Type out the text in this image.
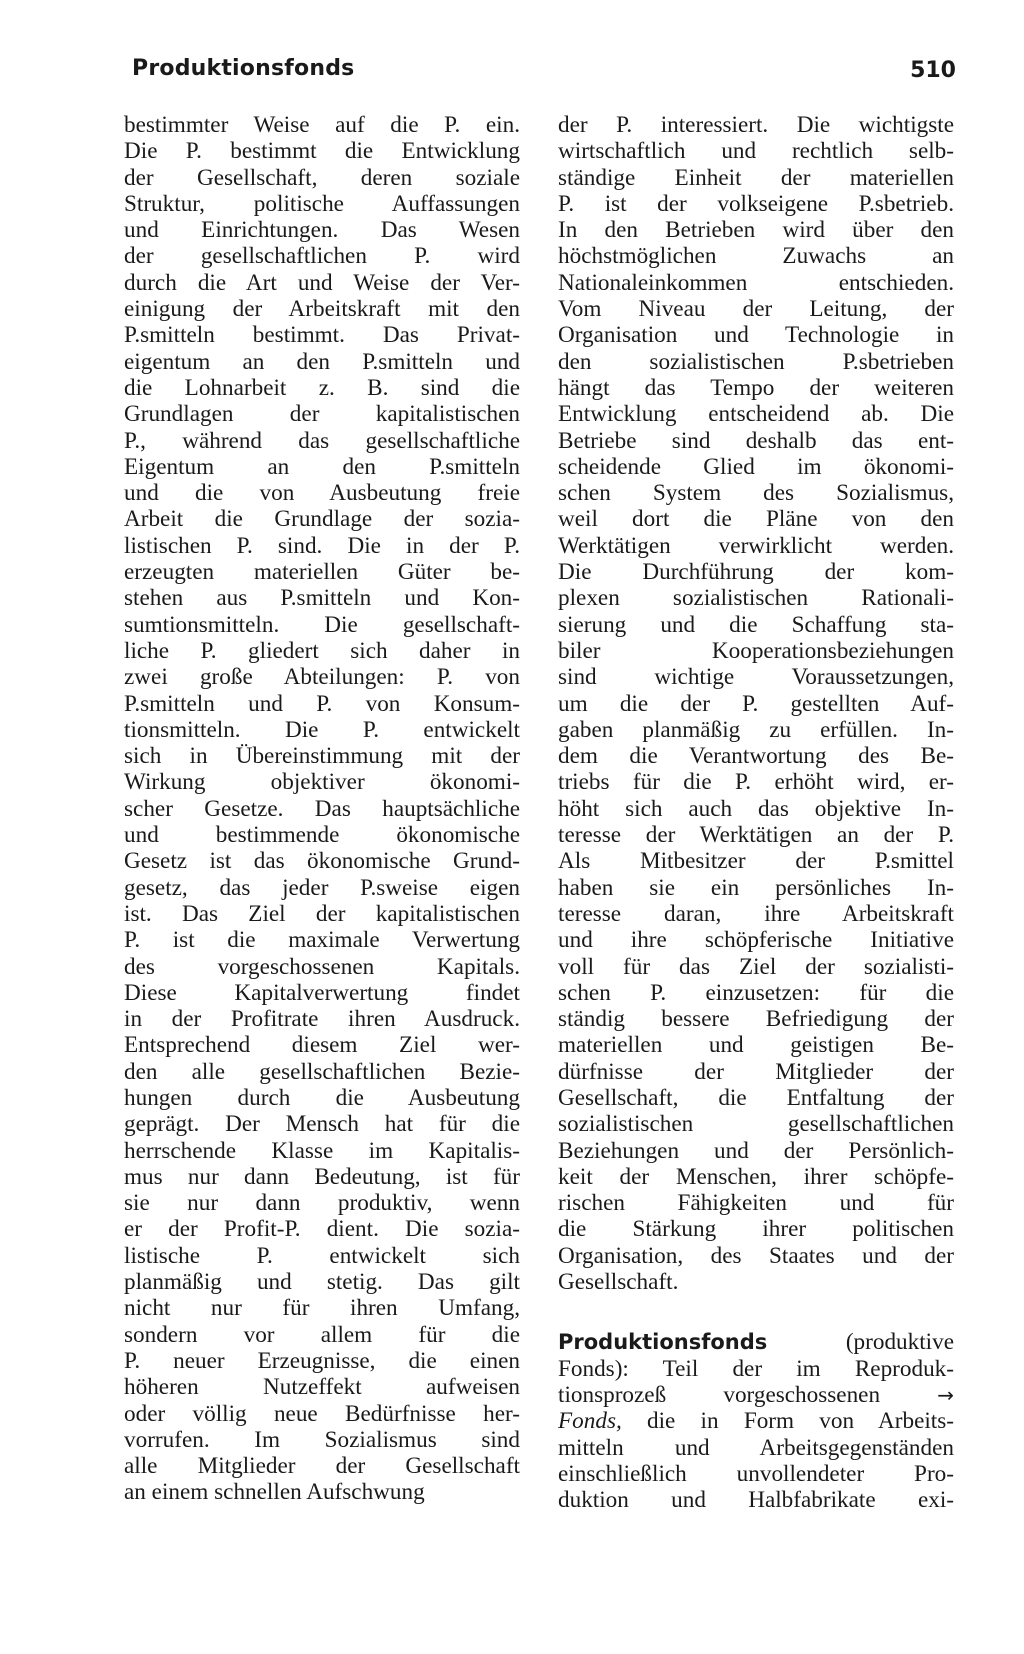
Produktionsfonds	510
bestimmter Weise auf die P. ein.
Die P. bestimmt die Entwicklung
der Gesellschaft, deren soziale
Struktur, politische Auffassungen
und Einrichtungen. Das Wesen
der gesellschaftlichen P. wird
durch die Art und Weise der Ver-
einigung der Arbeitskraft mit den
P.smitteln bestimmt. Das Privat-
eigentum an den P.smitteln und
die Lohnarbeit z. B. sind die
Grundlagen der kapitalistischen
P., während das gesellschaftliche
Eigentum an den P.smitteln
und die von Ausbeutung freie
Arbeit die Grundlage der sozia-
listischen P. sind. Die in der P.
erzeugten materiellen Güter be-
stehen aus P.smitteln und Kon-
sumtionsmitteln. Die gesellschaft-
liche P. gliedert sich daher in
zwei große Abteilungen: P. von
P.smitteln und P. von Konsum-
tionsmitteln. Die P. entwickelt
sich in Übereinstimmung mit der
Wirkung objektiver ökonomi-
scher Gesetze. Das hauptsächliche
und bestimmende ökonomische
Gesetz ist das ökonomische Grund-
gesetz, das jeder P.sweise eigen
ist. Das Ziel der kapitalistischen
P. ist die maximale Verwertung
des vorgeschossenen Kapitals.
Diese Kapitalverwertung findet
in der Profitrate ihren Ausdruck.
Entsprechend diesem Ziel wer-
den alle gesellschaftlichen Bezie-
hungen durch die Ausbeutung
geprägt. Der Mensch hat für die
herrschende Klasse im Kapitalis-
mus nur dann Bedeutung, ist für
sie nur dann produktiv, wenn
er der Profit-P. dient. Die sozia-
listische P. entwickelt sich
planmäßig und stetig. Das gilt
nicht nur für ihren Umfang,
sondern vor allem für die
P. neuer Erzeugnisse, die einen
höheren Nutzeffekt aufweisen
oder völlig neue Bedürfnisse her-
vorrufen. Im Sozialismus sind
alle Mitglieder der Gesellschaft
an einem schnellen Aufschwung
der P. interessiert. Die wichtigste
wirtschaftlich und rechtlich selb-
ständige Einheit der materiellen
P. ist der volkseigene P.sbetrieb.
In den Betrieben wird über den
höchstmöglichen Zuwachs an
Nationaleinkommen entschieden.
Vom Niveau der Leitung, der
Organisation und Technologie in
den sozialistischen P.sbetrieben
hängt das Tempo der weiteren
Entwicklung entscheidend ab. Die
Betriebe sind deshalb das ent-
scheidende Glied im ökonomi-
schen System des Sozialismus,
weil dort die Pläne von den
Werktätigen verwirklicht werden.
Die Durchführung der kom-
plexen sozialistischen Rationali-
sierung und die Schaffung sta-
biler Kooperationsbeziehungen
sind wichtige Voraussetzungen,
um die der P. gestellten Auf-
gaben planmäßig zu erfüllen. In-
dem die Verantwortung des Be-
triebs für die P. erhöht wird, er-
höht sich auch das objektive In-
teresse der Werktätigen an der P.
Als Mitbesitzer der P.smittel
haben sie ein persönliches In-
teresse daran, ihre Arbeitskraft
und ihre schöpferische Initiative
voll für das Ziel der sozialisti-
schen P. einzusetzen: für die
ständig bessere Befriedigung der
materiellen und geistigen Be-
dürfnisse der Mitglieder der
Gesellschaft, die Entfaltung der
sozialistischen gesellschaftlichen
Beziehungen und der Persönlich-
keit der Menschen, ihrer schöpfe-
rischen Fähigkeiten und für
die Stärkung ihrer politischen
Organisation, des Staates und der
Gesellschaft.
Produktionsfonds	(produktive
Fonds): Teil der im Reproduk-
tionsprozeß vorgeschossenen	→
Fonds, die in Form von Arbeits-
mitteln und Arbeitsgegenständen
einschließlich unvollendeter Pro-
duktion und Halbfabrikate exi-
